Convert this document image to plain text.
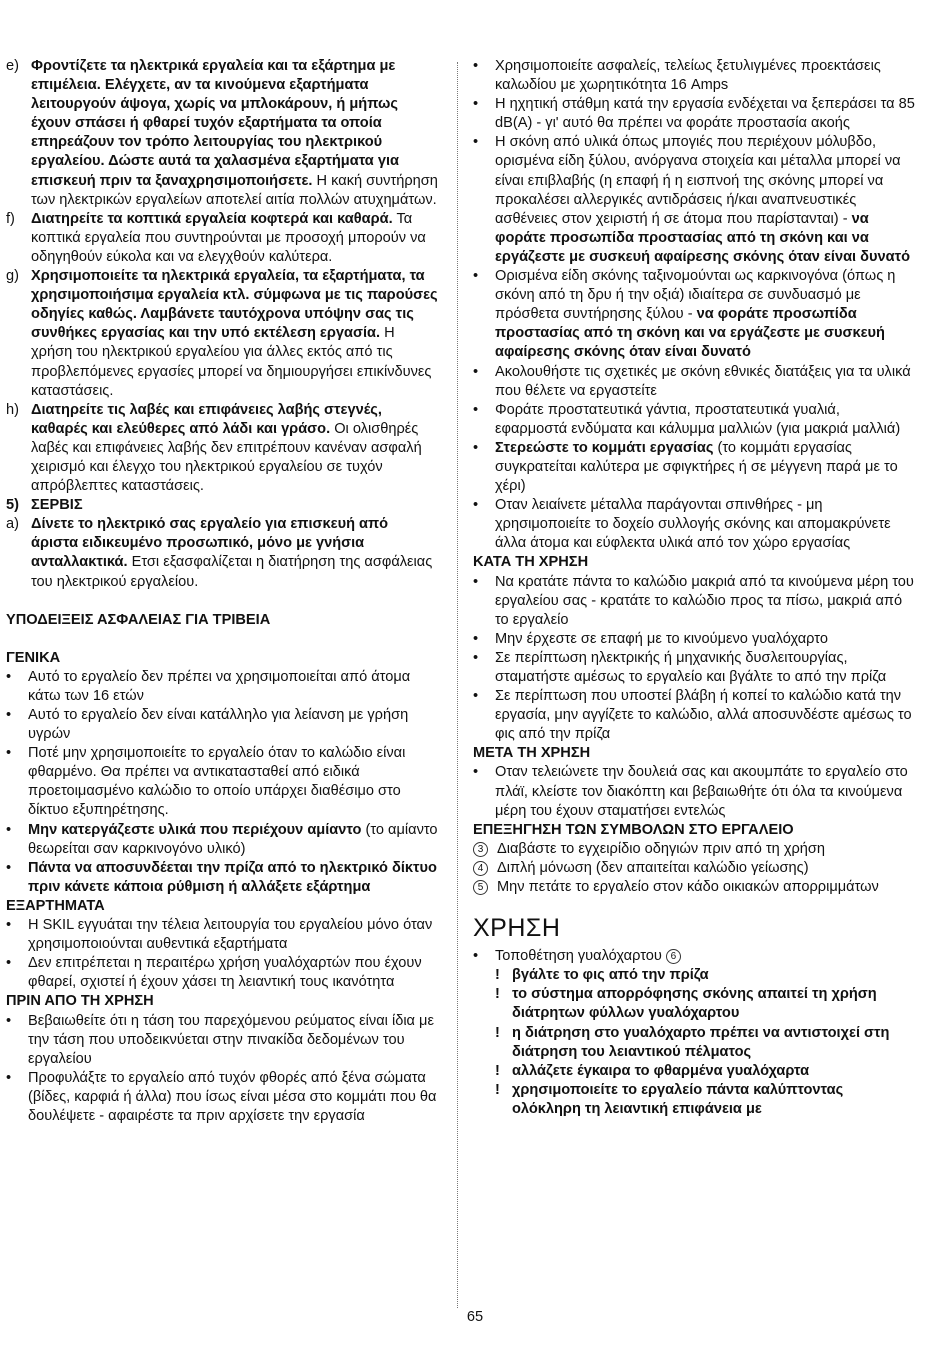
e) Φροντίζετε τα ηλεκτρικά εργαλεία και τα εξάρτημα με επιμέλεια. Ελέγχετε, αν τα κινούμενα εξαρτήματα λειτουργούν άψογα, χωρίς να μπλοκάρουν, ή μήπως έχουν σπάσει ή φθαρεί τυχόν εξαρτήματα τα οποία επηρεάζουν τον τρόπο λειτουργίας του ηλεκτρικού εργαλείου. Δώστε αυτά τα χαλασμένα εξαρτήματα για επισκευή πριν τα ξαναχρησιμοποιήσετε. Η κακή συντήρηση των ηλεκτρικών εργαλείων αποτελεί αιτία πολλών ατυχημάτων.
f)	Διατηρείτε τα κοπτικά εργαλεία κοφτερά και καθαρά. Τα κοπτικά εργαλεία που συντηρούνται με προσοχή μπορούν να οδηγηθούν εύκολα και να ελεγχθούν καλύτερα.
g) Χρησιμοποιείτε τα ηλεκτρικά εργαλεία, τα εξαρτήματα, τα χρησιμοποιήσιμα εργαλεία κτλ. σύμφωνα με τις παρούσες οδηγίες καθώς. Λαμβάνετε ταυτόχρονα υπόψην σας τις συνθήκες εργασίας και την υπό εκτέλεση εργασία. Η χρήση του ηλεκτρικού εργαλείου για άλλες εκτός από τις προβλεπόμενες εργασίες μπορεί να δημιουργήσει επικίνδυνες καταστάσεις.
h) Διατηρείτε τις λαβές και επιφάνειες λαβής στεγνές, καθαρές και ελεύθερες από λάδι και γράσο. Οι ολισθηρές λαβές και επιφάνειες λαβής δεν επιτρέπουν κανέναν ασφαλή χειρισμό και έλεγχο του ηλεκτρικού εργαλείου σε τυχόν απρόβλεπτες καταστάσεις.
5) ΣΕΡΒΙΣ
a) Δίνετε το ηλεκτρικό σας εργαλείο για επισκευή από άριστα ειδικευμένο προσωπικό, μόνο με γνήσια ανταλλακτικά. Ετσι εξασφαλίζεται η διατήρηση της ασφάλειας του ηλεκτρικού εργαλείου.
ΥΠΟΔΕΙΞΕΙΣ ΑΣΦΑΛΕΙΑΣ ΓΙΑ ΤΡΙΒΕΙΑ
ΓΕΝΙΚΑ
•	Αυτό το εργαλείο δεν πρέπει να χρησιμοποιείται από άτομα κάτω των 16 ετών
•	Αυτό το εργαλείο δεν είναι κατάλληλο για λείανση με γρήση υγρών
•	Ποτέ μην χρησιμοποιείτε το εργαλείο όταν το καλώδιο είναι φθαρμένο. Θα πρέπει να αντικατασταθεί από ειδικά προετοιμασμένο καλώδιο το οποίο υπάρχει διαθέσιμο στο δίκτυο εξυπηρέτησης.
•	Μην κατεργάζεστε υλικά που περιέχουν αμίαντο (το αμίαντο θεωρείται σαν καρκινογόνο υλικό)
•	Πάντα να αποσυνδέεται την πρίζα από το ηλεκτρικό δίκτυο πριν κάνετε κάποια ρύθμιση ή αλλάξετε εξάρτημα
ΕΞΑΡΤΗΜΑΤΑ
•	Η SKIL εγγυάται την τέλεια λειτουργία του εργαλείου μόνο όταν χρησιμοποιούνται αυθεντικά εξαρτήματα
•	Δεν επιτρέπεται η περαιτέρω χρήση γυαλόχαρτών που έχουν φθαρεί, σχιστεί ή έχουν χάσει τη λειαντική τους ικανότητα
ΠΡΙΝ ΑΠΟ ΤΗ ΧΡΗΣΗ
•	Βεβαιωθείτε ότι η τάση του παρεχόμενου ρεύματος είναι ίδια με την τάση που υποδεικνύεται στην πινακίδα δεδομένων του εργαλείου
•	Προφυλάξτε το εργαλείο από τυχόν φθορές από ξένα σώματα (βίδες, καρφιά ή άλλα) που ίσως είναι μέσα στο κομμάτι που θα δουλέψετε - αφαιρέστε τα πριν αρχίσετε την εργασία
•	Χρησιμοποιείτε ασφαλείς, τελείως ξετυλιγμένες προεκτάσεις καλωδίου με χωρητικότητα 16 Amps
•	Η ηχητική στάθμη κατά την εργασία ενδέχεται να ξεπεράσει τα 85 dB(A) - γι' αυτό θα πρέπει να φοράτε προστασία ακοής
•	Η σκόνη από υλικά όπως μπογιές που περιέχουν μόλυβδο, ορισμένα είδη ξύλου, ανόργανα στοιχεία και μέταλλα μπορεί να είναι επιβλαβής (η επαφή ή η εισπνοή της σκόνης μπορεί να προκαλέσει αλλεργικές αντιδράσεις ή/και αναπνευστικές ασθένειες στον χειριστή ή σε άτομα που παρίστανται) - να φοράτε προσωπίδα προστασίας από τη σκόνη και να εργάζεστε με συσκευή αφαίρεσης σκόνης όταν είναι δυνατό
•	Ορισμένα είδη σκόνης ταξινομούνται ως καρκινογόνα (όπως η σκόνη από τη δρυ ή την οξιά) ιδιαίτερα σε συνδυασμό με πρόσθετα συντήρησης ξύλου - να φοράτε προσωπίδα προστασίας από τη σκόνη και να εργάζεστε με συσκευή αφαίρεσης σκόνης όταν είναι δυνατό
•	Ακολουθήστε τις σχετικές με σκόνη εθνικές διατάξεις για τα υλικά που θέλετε να εργαστείτε
•	Φοράτε προστατευτικά γάντια, προστατευτικά γυαλιά, εφαρμοστά ενδύματα και κάλυμμα μαλλιών (για μακριά μαλλιά)
•	Στερεώστε το κομμάτι εργασίας (το κομμάτι εργασίας συγκρατείται καλύτερα με σφιγκτήρες ή σε μέγγενη παρά με το χέρι)
•	Οταν λειαίνετε μέταλλα παράγονται σπινθήρες - μη χρησιμοποιείτε το δοχείο συλλογής σκόνης και απομακρύνετε άλλα άτομα και εύφλεκτα υλικά από τον χώρο εργασίας
ΚΑΤΑ ΤΗ ΧΡΗΣΗ
•	Να κρατάτε πάντα το καλώδιο μακριά από τα κινούμενα μέρη του εργαλείου σας - κρατάτε το καλώδιο προς τα πίσω, μακριά από το εργαλείο
•	Μην έρχεστε σε επαφή με το κινούμενο γυαλόχαρτο
•	Σε περίπτωση ηλεκτρικής ή μηχανικής δυσλειτουργίας, σταματήστε αμέσως το εργαλείο και βγάλτε το από την πρίζα
•	Σε περίπτωση που υποστεί βλάβη ή κοπεί το καλώδιο κατά την εργασία, μην αγγίζετε το καλώδιο, αλλά αποσυνδέστε αμέσως το φις από την πρίζα
ΜΕΤΑ ΤΗ ΧΡΗΣΗ
•	Οταν τελειώνετε την δουλειά σας και ακουμπάτε το εργαλείο στο πλάϊ, κλείστε τον διακόπτη και βεβαιωθήτε ότι όλα τα κινούμενα μέρη του έχουν σταματήσει εντελώς
ΕΠΕΞΗΓΗΣΗ ΤΩΝ ΣΥΜΒΟΛΩΝ ΣΤΟ ΕΡΓΑΛΕΙΟ
3 Διαβάστε το εγχειρίδιο οδηγιών πριν από τη χρήση
4 Διπλή μόνωση (δεν απαιτείται καλώδιο γείωσης)
5 Μην πετάτε το εργαλείο στον κάδο οικιακών απορριμμάτων
ΧΡΗΣΗ
•	Τοποθέτηση γυαλόχαρτου 6
! βγάλτε το φις από την πρίζα
! το σύστημα απορρόφησης σκόνης απαιτεί τη χρήση διάτρητων φύλλων γυαλόχαρτου
! η διάτρηση στο γυαλόχαρτο πρέπει να αντιστοιχεί στη διάτρηση του λειαντικού πέλματος
! αλλάζετε έγκαιρα το φθαρμένα γυαλόχαρτα
! χρησιμοποιείτε το εργαλείο πάντα καλύπτοντας ολόκληρη τη λειαντική επιφάνεια με
65
